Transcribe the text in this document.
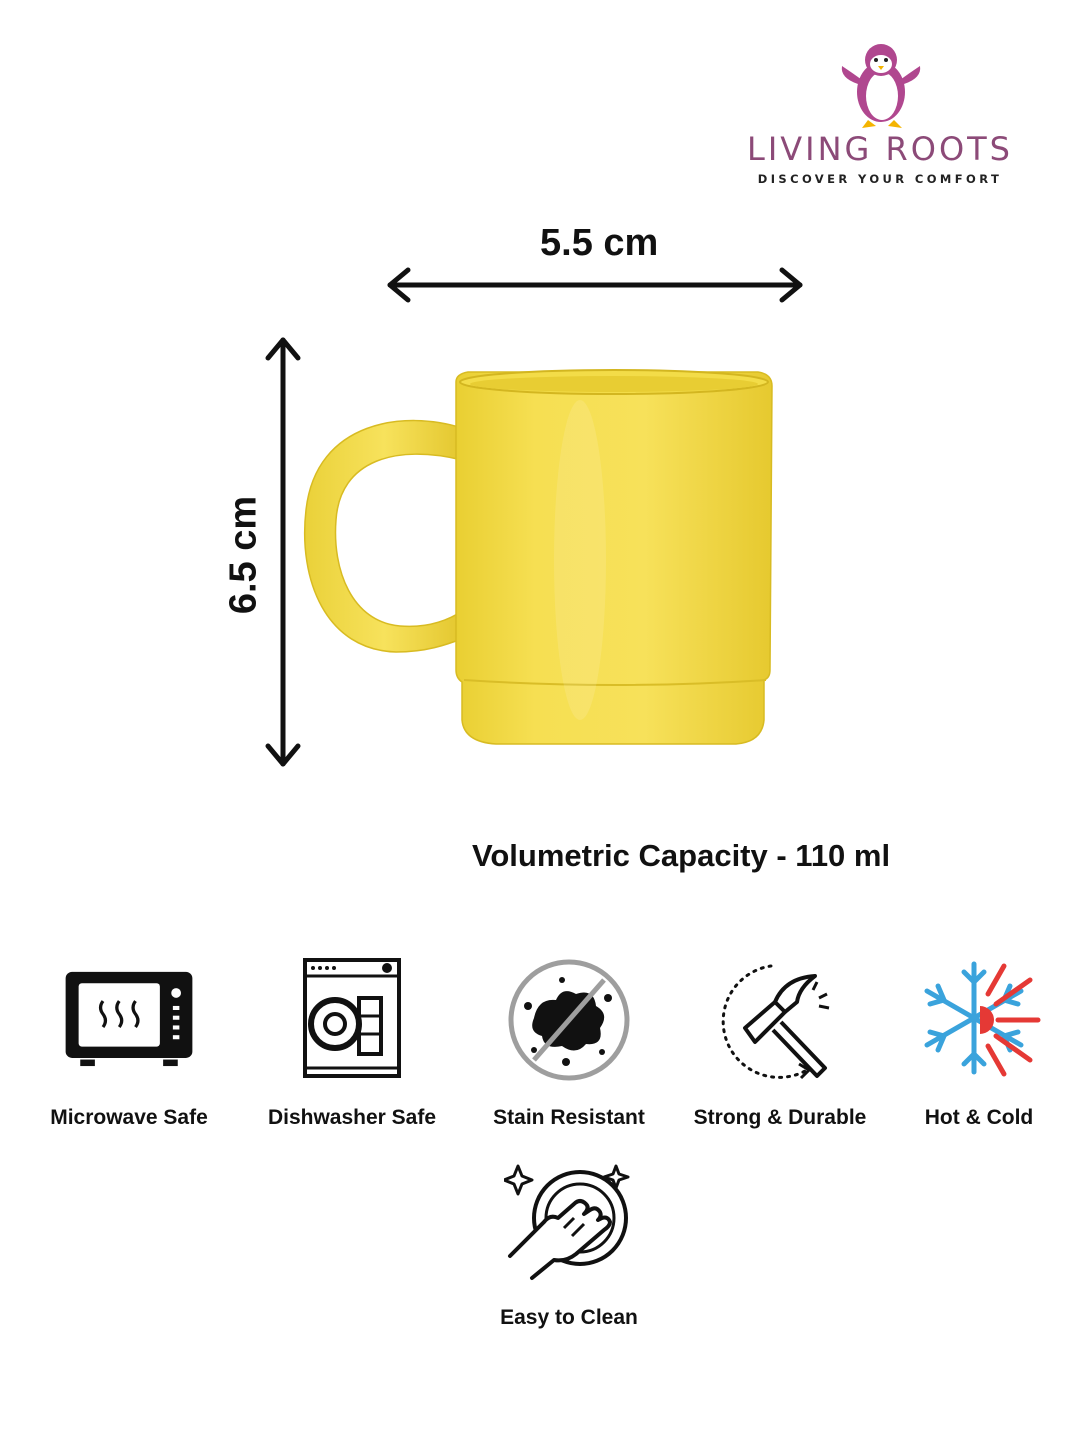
LIVING ROOTS
DISCOVER YOUR COMFORT
5.5 cm
6.5 cm
Volumetric Capacity - 110 ml
Microwave Safe	Dishwasher Safe	Stain Resistant	Strong & Durable	Hot & Cold
Easy to Clean
